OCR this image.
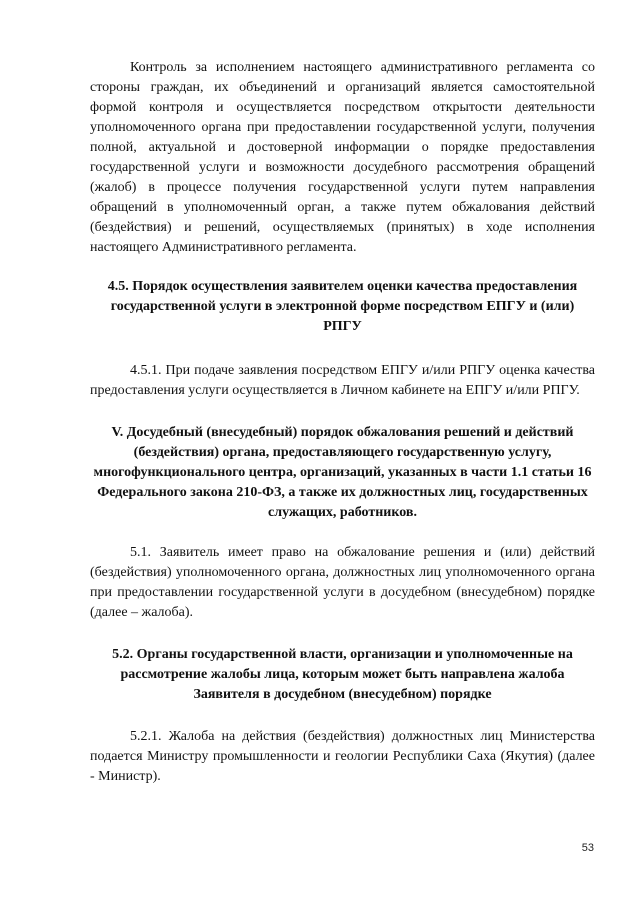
Контроль за исполнением настоящего административного регламента со стороны граждан, их объединений и организаций является самостоятельной формой контроля и осуществляется посредством открытости деятельности уполномоченного органа при предоставлении государственной услуги, получения полной, актуальной и достоверной информации о порядке предоставления государственной услуги и возможности досудебного рассмотрения обращений (жалоб) в процессе получения государственной услуги путем направления обращений в уполномоченный орган, а также путем обжалования действий (бездействия) и решений, осуществляемых (принятых) в ходе исполнения настоящего Административного регламента.

4.5. Порядок осуществления заявителем оценки качества предоставления государственной услуги в электронной форме посредством ЕПГУ и (или) РПГУ

4.5.1. При подаче заявления посредством ЕПГУ и/или РПГУ оценка качества предоставления услуги осуществляется в Личном кабинете на ЕПГУ и/или РПГУ.

V. Досудебный (внесудебный) порядок обжалования решений и действий (бездействия) органа, предоставляющего государственную услугу, многофункционального центра, организаций, указанных в части 1.1 статьи 16 Федерального закона 210-ФЗ, а также их должностных лиц, государственных служащих, работников.

5.1. Заявитель имеет право на обжалование решения и (или) действий (бездействия) уполномоченного органа, должностных лиц уполномоченного органа при предоставлении государственной услуги в досудебном (внесудебном) порядке (далее – жалоба).

5.2. Органы государственной власти, организации и уполномоченные на рассмотрение жалобы лица, которым может быть направлена жалоба Заявителя в досудебном (внесудебном) порядке

5.2.1. Жалоба на действия (бездействия) должностных лиц Министерства подается Министру промышленности и геологии Республики Саха (Якутия) (далее - Министр).

53
